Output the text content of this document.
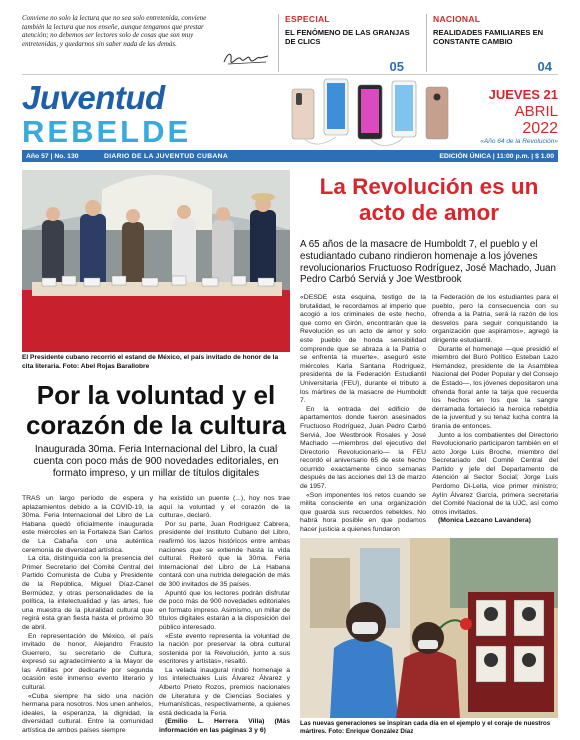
Conviene no solo la lectura que no sea solo entretenida, conviene también la lectura que nos enseñe, aunque tengamos que prestar atención; no debemos ser lectores solo de cosas que son muy entretenidas, y quedarnos sin saber nada de las demás.

ESPECIAL
EL FENÓMENO DE LAS GRANJAS DE CLICS
05
NACIONAL
REALIDADES FAMILIARES EN CONSTANTE CAMBIO
04
Juventud
REBELDE
JUEVES 21
ABRIL
2022
«Año 64 de la Revolución»
Año 57 | No. 130	DIARIO DE LA JUVENTUD CUBANA	EDICIÓN ÚNICA | 11:00 p.m. | $ 1.00

El Presidente cubano recorrió el estand de México, el país invitado de honor de la cita literaria. Foto: Abel Rojas Barallobre

La Revolución es un acto de amor

A 65 años de la masacre de Humboldt 7, el pueblo y el estudiantado cubano rindieron homenaje a los jóvenes revolucionarios Fructuoso Rodríguez, José Machado, Juan Pedro Carbó Serviá y Joe Westbrook

«DESDE esta esquina, testigo de la brutalidad, le recordamos al imperio que acogió a los criminales de este hecho, que como en Girón, encontrarán que la Revolución es un acto de amor y solo este pueblo de honda sensibilidad comprende que se abraza a la Patria o se enfrenta la muerte», aseguró este miércoles Karla Santana Rodríguez, presidenta de la Federación Estudiantil Universitaria (FEU), durante el tributo a los mártires de la masacre de Humboldt 7.

En la entrada del edificio de apartamentos donde fueron asesinados Fructuoso Rodríguez, Juan Pedro Carbó Serviá, Joe Westbrook Rosales y José Machado —miembros del ejecutivo del Directorio Revolucionario— la FEU recordó el aniversario 65 de este hecho ocurrido exactamente cinco semanas después de las acciones del 13 de marzo de 1957.

«Son imponentes los retos cuando se milita consciente en una organización que guarda sus recuerdos rebeldes. No habrá hora posible en que podamos hacer justicia a quienes fundaron

la Federación de los estudiantes para el pueblo, pero la consecuencia con su ofrenda a la Patria, será la razón de los desvelos para seguir conquistando la organización que aspiramos», agregó la dirigente estudiantil.

Durante el homenaje —que presidió el miembro del Buró Político Esteban Lazo Hernández, presidente de la Asamblea Nacional del Poder Popular y del Consejo de Estado—, los jóvenes depositaron una ofrenda floral ante la tarja que recuerda los hechos en los que la sangre derramada fortaleció la heroica rebeldía de la juventud y su tenaz lucha contra la tiranía de entonces.

Junto a los combatientes del Directorio Revolucionario participaron también en el acto Jorge Luis Broche, miembro del Secretariado del Comité Central del Partido y jefe del Departamento de Atención al Sector Social; Jorge Luis Perdomo Di-Lella, vice primer ministro; Aylín Álvarez García, primera secretaria del Comité Nacional de la UJC, así como otros invitados.

(Monica Lezcano Lavandera)

Por la voluntad y el corazón de la cultura

Inaugurada 30ma. Feria Internacional del Libro, la cual cuenta con poco más de 900 novedades editoriales, en formato impreso, y un millar de títulos digitales

TRAS un largo período de espera y aplazamientos debido a la COVID-19, la 30ma. Feria Internacional del Libro de La Habana quedó oficialmente inaugurada este miércoles en la Fortaleza San Carlos de La Cabaña con una auténtica ceremonia de diversidad artística.

La cita, distinguida con la presencia del Primer Secretario del Comité Central del Partido Comunista de Cuba y Presidente de la República, Miguel Díaz-Canel Bermúdez, y otras personalidades de la política, la intelectualidad y las artes, fue una muestra de la pluralidad cultural que regirá esta gran fiesta hasta el próximo 30 de abril.

En representación de México, el país invitado de honor, Alejandro Frausto Guerrero, su secretario de Cultura, expresó su agradecimiento a la Mayor de las Antillas por dedicarle por segunda ocasión este inmenso evento literario y cultural.

«Cuba siempre ha sido una nación hermana para nosotros. Nos unen anhelos, ideales, la esperanza, la dignidad, la diversidad cultural. Entre la comunidad artística de ambos países siempre

ha existido un puente (...), hoy nos trae aquí la voluntad y el corazón de la cultura», declaró.

Por su parte, Juan Rodríguez Cabrera, presidente del Instituto Cubano del Libro, reafirmó los lazos históricos entre ambas naciones que se extiende hasta la vida cultural. Reiteró que la 30ma. Feria Internacional del Libro de La Habana contará con una nutrida delegación de más de 300 invitados de 35 países.

Apuntó que los lectores podrán disfrutar de poco más de 900 novedades editoriales en formato impreso. Asimismo, un millar de títulos digitales estarán a la disposición del público interesado.

«Este evento representa la voluntad de la nación por preservar la obra cultural sostenida por la Revolución, junto a sus escritores y artistas», resaltó.

La velada inaugural rindió homenaje a los intelectuales Luis Álvarez Álvarez y Alberto Prieto Rozos, premios nacionales de Literatura y de Ciencias Sociales y Humanísticas, respectivamente, a quienes está dedicada la Feria.

(Emilio L. Herrera Villa) (Más información en las páginas 3 y 6)

Las nuevas generaciones se inspiran cada día en el ejemplo y el coraje de nuestros mártires. Foto: Enrique González Díaz
